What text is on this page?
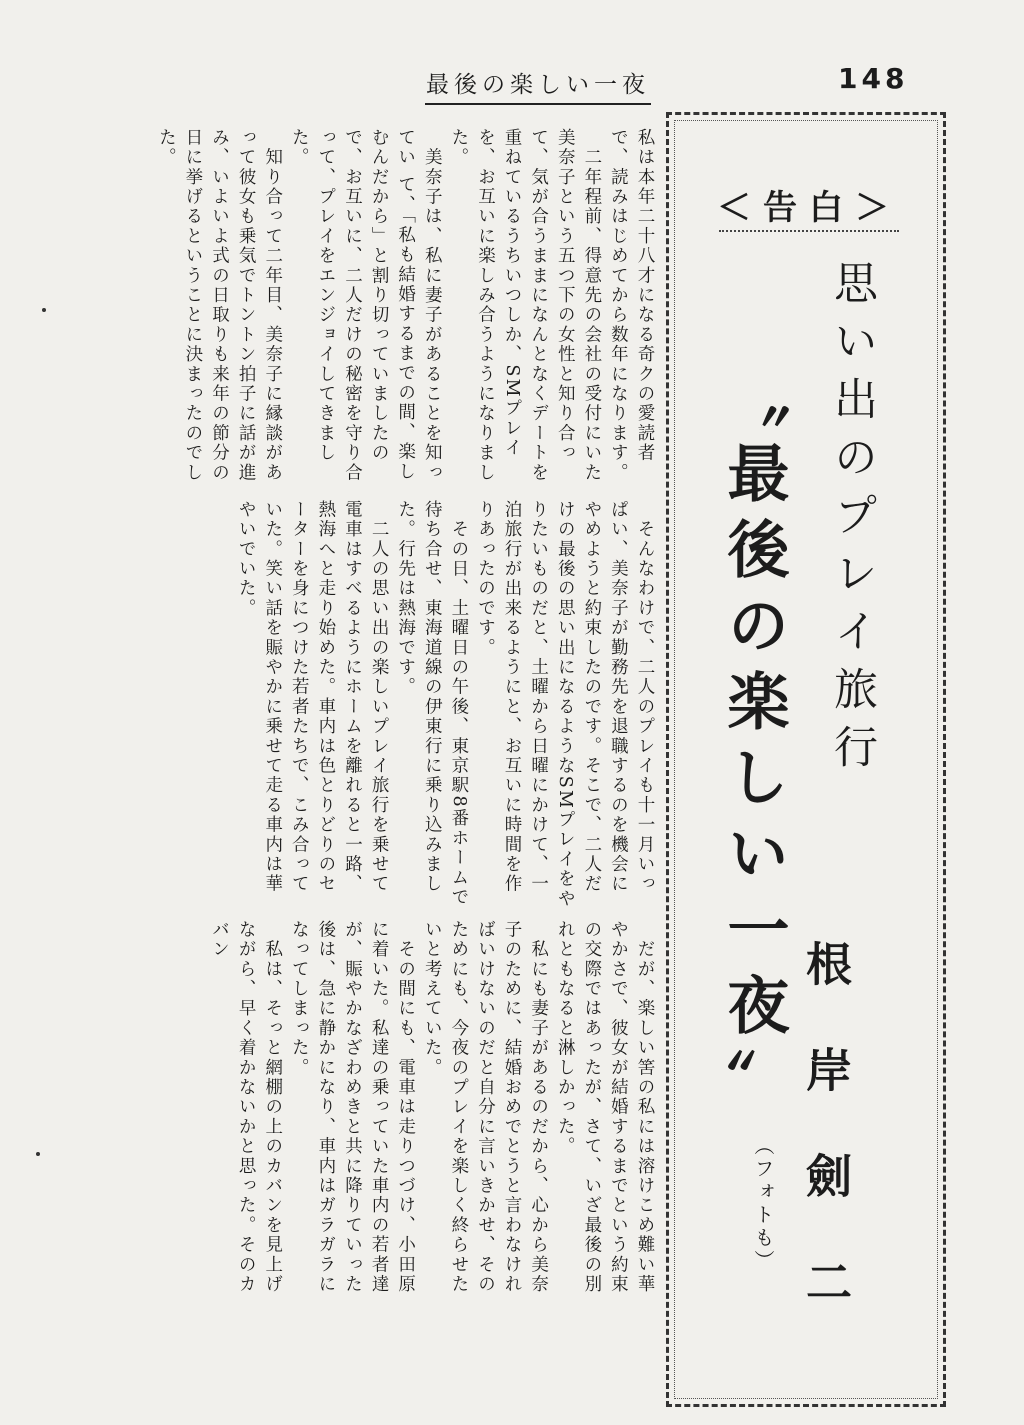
最後の楽しい一夜	148
＜告白＞
思い出のプレイ旅行
〝最後の楽しい一夜〟
根岸劍二
（フォトも）
私は本年二十八才になる奇クの愛読者で、読みはじめてから数年になります。
　二年程前、得意先の会社の受付にいた美奈子という五つ下の女性と知り合って、気が合うままになんとなくデートを重ねているうちいつしか、SMプレイを、お互いに楽しみ合うようになりました。
　美奈子は、私に妻子があることを知ってい て、「私も結婚するまでの間、楽しむんだから」と割り切っていましたので、お互いに、二人だけの秘密を守り合って、プレイをエンジョイしてきました。
　知り合って二年目、美奈子に縁談があって彼女も乗気でトントン拍子に話が進み、いよいよ式の日取りも来年の節分の日に挙げるということに決まったのでした。
　そんなわけで、二人のプレイも十一月いっぱい、美奈子が勤務先を退職するのを機会にやめようと約束したのです。そこで、二人だけの最後の思い出になるようなSMプレイをやりたいものだと、土曜から日曜にかけて、一泊旅行が出来るようにと、お互いに時間を作りあったのです。
　その日、土曜日の午後、東京駅8番ホームで待ち合せ、東海道線の伊東行に乗り込みました。行先は熱海です。
　二人の思い出の楽しいプレイ旅行を乗せて電車はすべるようにホームを離れると一路、熱海へと走り始めた。車内は色とりどりのセーターを身につけた若者たちで、こみ合っていた。笑い話を賑やかに乗せて走る車内は華やいでいた。
　だが、楽しい筈の私には溶けこめ難い華やかさで、彼女が結婚するまでという約束の交際ではあったが、さて、いざ最後の別れともなると淋しかった。
　私にも妻子があるのだから、心から美奈子のために、結婚おめでとうと言わなければいけないのだと自分に言いきかせ、そのためにも、今夜のプレイを楽しく終らせたいと考えていた。
　その間にも、電車は走りつづけ、小田原に着いた。私達の乗っていた車内の若者達が、賑やかなざわめきと共に降りていった後は、急に静かになり、車内はガラガラになってしまった。
　私は、そっと網棚の上のカバンを見上げながら、早く着かないかと思った。そのカバン
